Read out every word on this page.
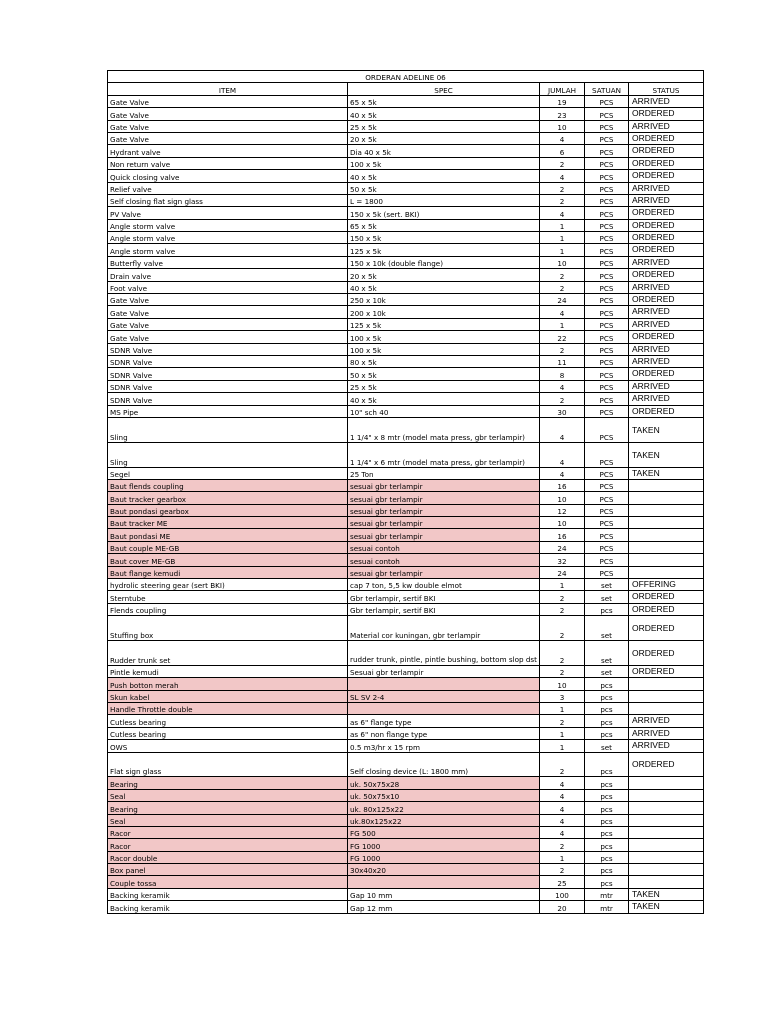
ORDERAN ADELINE 06				
ITEM	SPEC	JUMLAH	SATUAN	STATUS
Gate Valve	65 x 5k	19	PCS	ARRIVED
Gate Valve	40 x 5k	23	PCS	ORDERED
Gate Valve	25 x 5k	10	PCS	ARRIVED
Gate Valve	20 x 5k	4	PCS	ORDERED
Hydrant valve	Dia 40 x 5k	6	PCS	ORDERED
Non return valve	100 x 5k	2	PCS	ORDERED
Quick closing valve	40 x 5k	4	PCS	ORDERED
Relief valve	50 x 5k	2	PCS	ARRIVED
Self closing flat sign glass	L = 1800	2	PCS	ARRIVED
PV Valve	150 x 5k (sert. BKI)	4	PCS	ORDERED
Angle storm valve	65 x 5k	1	PCS	ORDERED
Angle storm valve	150 x 5k	1	PCS	ORDERED
Angle storm valve	125 x 5k	1	PCS	ORDERED
Butterfly valve	150 x 10k (double flange)	10	PCS	ARRIVED
Drain valve	20 x 5k	2	PCS	ORDERED
Foot valve	40 x 5k	2	PCS	ARRIVED
Gate Valve	250 x 10k	24	PCS	ORDERED
Gate Valve	200 x 10k	4	PCS	ARRIVED
Gate Valve	125 x 5k	1	PCS	ARRIVED
Gate Valve	100 x 5k	22	PCS	ORDERED
SDNR Valve	100 x 5k	2	PCS	ARRIVED
SDNR Valve	80 x 5k	11	PCS	ARRIVED
SDNR Valve	50 x 5k	8	PCS	ORDERED
SDNR Valve	25 x 5k	4	PCS	ARRIVED
SDNR Valve	40 x 5k	2	PCS	ARRIVED
MS Pipe	10" sch 40	30	PCS	ORDERED
Sling	1 1/4" x 8 mtr (model mata press, gbr terlampir)	4	PCS	TAKEN
Sling	1 1/4" x 6 mtr (model mata press, gbr terlampir)	4	PCS	TAKEN
Segel	25 Ton	4	PCS	TAKEN
Baut flends coupling	sesuai gbr terlampir	16	PCS	
Baut tracker gearbox	sesuai gbr terlampir	10	PCS	
Baut pondasi gearbox	sesuai gbr terlampir	12	PCS	
Baut tracker ME	sesuai gbr terlampir	10	PCS	
Baut pondasi ME	sesuai gbr terlampir	16	PCS	
Baut couple ME-GB	sesuai contoh	24	PCS	
Baut cover ME-GB	sesuai contoh	32	PCS	
Baut flange kemudi	sesuai gbr terlampir	24	PCS	
hydrolic steering gear (sert BKI)	cap 7 ton, 5,5 kw double elmot	1	set	OFFERING
Sterntube	Gbr terlampir, sertif BKI	2	set	ORDERED
Flends coupling	Gbr terlampir, sertif BKI	2	pcs	ORDERED
Stuffing box	Material cor kuningan, gbr terlampir	2	set	ORDERED
Rudder trunk set	rudder trunk, pintle, pintle bushing, bottom slop dst	2	set	ORDERED
Pintle kemudi	Sesuai gbr terlampir	2	set	ORDERED
Push botton merah		10	pcs	
Skun kabel	SL SV 2-4	3	pcs	
Handle Throttle double		1	pcs	
Cutless bearing	as 6" flange type	2	pcs	ARRIVED
Cutless bearing	as 6" non flange type	1	pcs	ARRIVED
OWS	0.5 m3/hr x 15 rpm	1	set	ARRIVED
Flat sign glass	Self closing device (L: 1800 mm)	2	pcs	ORDERED
Bearing	uk. 50x75x28	4	pcs	
Seal	uk. 50x75x10	4	pcs	
Bearing	uk. 80x125x22	4	pcs	
Seal	uk.80x125x22	4	pcs	
Racor	FG 500	4	pcs	
Racor	FG 1000	2	pcs	
Racor double	FG 1000	1	pcs	
Box panel	30x40x20	2	pcs	
Couple tossa		25	pcs	
Backing keramik	Gap 10 mm	100	mtr	TAKEN
Backing keramik	Gap 12 mm	20	mtr	TAKEN
